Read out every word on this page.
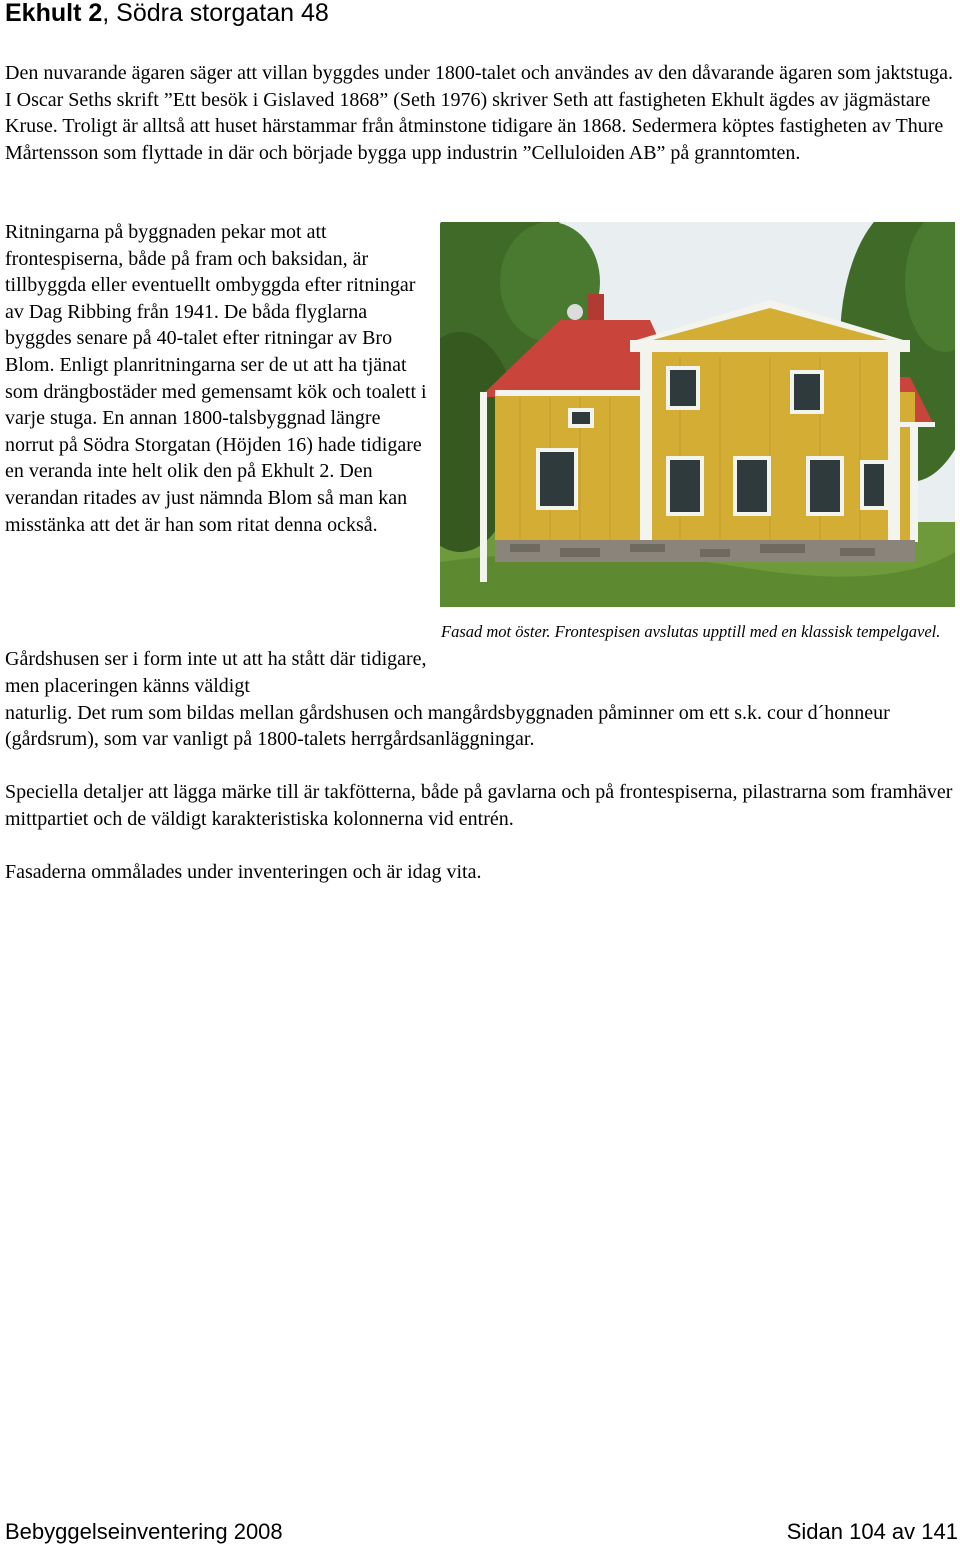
Ekhult 2, Södra storgatan 48

Den nuvarande ägaren säger att villan byggdes under 1800-talet och användes av den dåvarande ägaren som jaktstuga. I Oscar Seths skrift ”Ett besök i Gislaved 1868” (Seth 1976) skriver Seth att fastigheten Ekhult ägdes av jägmästare Kruse. Troligt är alltså att huset härstammar från åtminstone tidigare än 1868. Sedermera köptes fastigheten av Thure Mårtensson som flyttade in där och började bygga upp industrin ”Celluloiden AB” på granntomten.

Ritningarna på byggnaden pekar mot att frontespiserna, både på fram och baksidan, är tillbyggda eller eventuellt ombyggda efter ritningar av Dag Ribbing från 1941. De båda flyglarna byggdes senare på 40-talet efter ritningar av Bro Blom. Enligt planritningarna ser de ut att ha tjänat som drängbostäder med gemensamt kök och toalett i varje stuga. En annan 1800-talsbyggnad längre norrut på Södra Storgatan (Höjden 16) hade tidigare en veranda inte helt olik den på Ekhult 2. Den verandan ritades av just nämnda Blom så man kan misstänka att det är han som ritat denna också.

Fasad mot öster. Frontespisen avslutas upptill med en klassisk tempelgavel.

Gårdshusen ser i form inte ut att ha stått där tidigare, men placeringen känns väldigt

naturlig. Det rum som bildas mellan gårdshusen och mangårdsbyggnaden påminner om ett s.k. cour d´honneur (gårdsrum), som var vanligt på 1800-talets herrgårdsanläggningar.

Speciella detaljer att lägga märke till är takfötterna, både på gavlarna och på frontespiserna, pilastrarna som framhäver mittpartiet och de väldigt karakteristiska kolonnerna vid entrén.

Fasaderna ommålades under inventeringen och är idag vita.

Bebyggelseinventering 2008	Sidan 104 av 141
